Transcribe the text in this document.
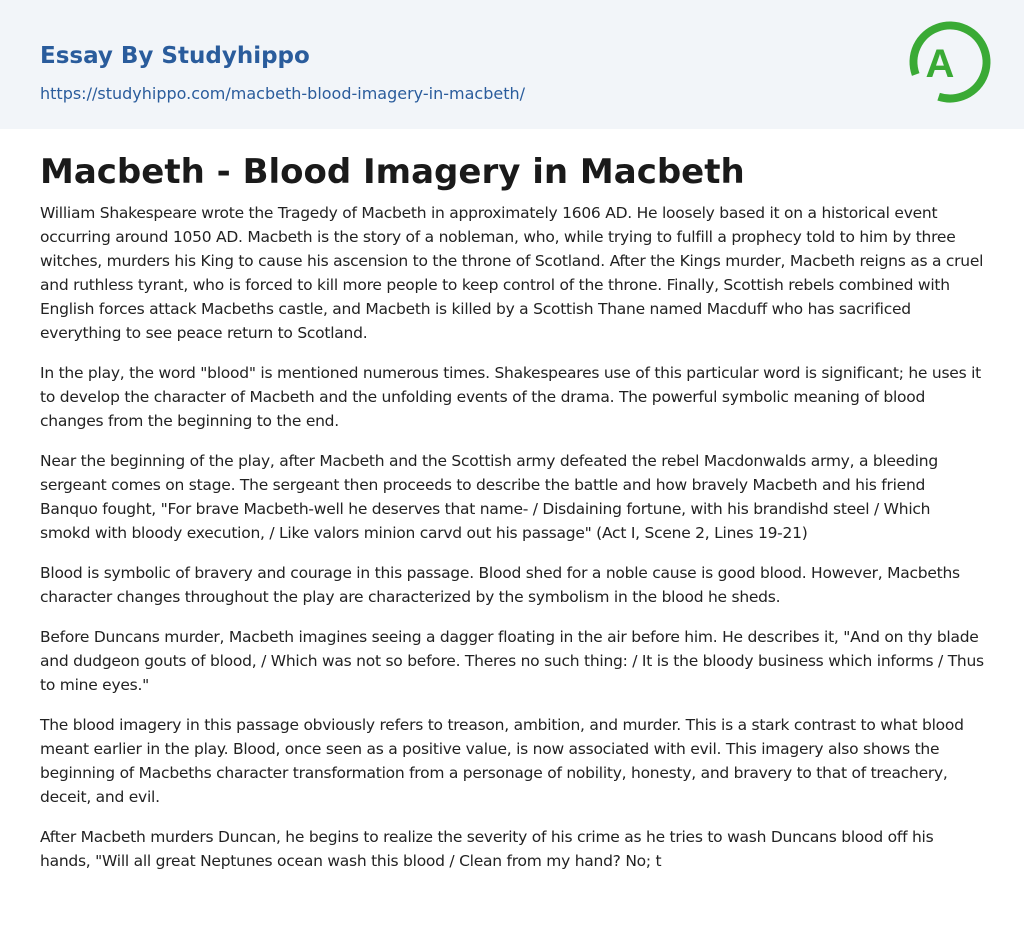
Essay By Studyhippo
https://studyhippo.com/macbeth-blood-imagery-in-macbeth/
A
Macbeth - Blood Imagery in Macbeth

William Shakespeare wrote the Tragedy of Macbeth in approximately 1606 AD. He loosely based it on a historical event occurring around 1050 AD. Macbeth is the story of a nobleman, who, while trying to fulfill a prophecy told to him by three witches, murders his King to cause his ascension to the throne of Scotland. After the Kings murder, Macbeth reigns as a cruel and ruthless tyrant, who is forced to kill more people to keep control of the throne. Finally, Scottish rebels combined with English forces attack Macbeths castle, and Macbeth is killed by a Scottish Thane named Macduff who has sacrificed everything to see peace return to Scotland.

In the play, the word "blood" is mentioned numerous times. Shakespeares use of this particular word is significant; he uses it to develop the character of Macbeth and the unfolding events of the drama. The powerful symbolic meaning of blood changes from the beginning to the end.

Near the beginning of the play, after Macbeth and the Scottish army defeated the rebel Macdonwalds army, a bleeding sergeant comes on stage. The sergeant then proceeds to describe the battle and how bravely Macbeth and his friend Banquo fought, "For brave Macbeth-well he deserves that name- / Disdaining fortune, with his brandishd steel / Which smokd with bloody execution, / Like valors minion carvd out his passage" (Act I, Scene 2, Lines 19-21)

Blood is symbolic of bravery and courage in this passage. Blood shed for a noble cause is good blood. However, Macbeths character changes throughout the play are characterized by the symbolism in the blood he sheds.

Before Duncans murder, Macbeth imagines seeing a dagger floating in the air before him. He describes it, "And on thy blade and dudgeon gouts of blood, / Which was not so before. Theres no such thing: / It is the bloody business which informs / Thus to mine eyes."

The blood imagery in this passage obviously refers to treason, ambition, and murder. This is a stark contrast to what blood meant earlier in the play. Blood, once seen as a positive value, is now associated with evil. This imagery also shows the beginning of Macbeths character transformation from a personage of nobility, honesty, and bravery to that of treachery, deceit, and evil.

After Macbeth murders Duncan, he begins to realize the severity of his crime as he tries to wash Duncans blood off his hands, "Will all great Neptunes ocean wash this blood / Clean from my hand? No; t
